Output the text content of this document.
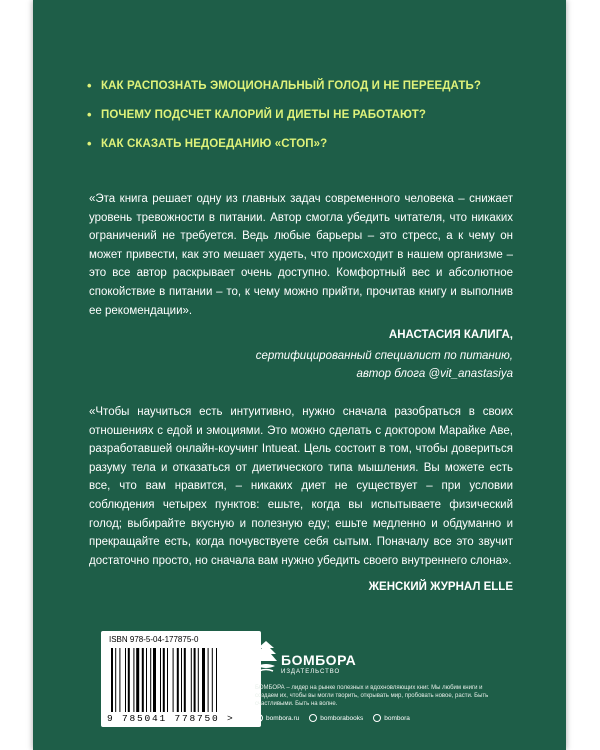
• КАК РАСПОЗНАТЬ ЭМОЦИОНАЛЬНЫЙ ГОЛОД И НЕ ПЕРЕЕДАТЬ?
• ПОЧЕМУ ПОДСЧЕТ КАЛОРИЙ И ДИЕТЫ НЕ РАБОТАЮТ?
• КАК СКАЗАТЬ НЕДОЕДАНИЮ «СТОП»?
«Эта книга решает одну из главных задач современного человека – снижает уровень тревожности в питании. Автор смогла убедить читателя, что никаких ограничений не требуется. Ведь любые барьеры – это стресс, а к чему он может привести, как это мешает худеть, что происходит в нашем организме – это все автор раскрывает очень доступно. Комфортный вес и абсолютное спокойствие в питании – то, к чему можно прийти, прочитав книгу и выполнив ее рекомендации».
АНАСТАСИЯ КАЛИГА,
сертифицированный специалист по питанию,
автор блога @vit_anastasiya
«Чтобы научиться есть интуитивно, нужно сначала разобраться в своих отношениях с едой и эмоциями. Это можно сделать с доктором Марайке Аве, разработавшей онлайн-коучинг Intueat. Цель состоит в том, чтобы довериться разуму тела и отказаться от диетического типа мышления. Вы можете есть все, что вам нравится, – никаких диет не существует – при условии соблюдения четырех пунктов: ешьте, когда вы испытываете физический голод; выбирайте вкусную и полезную еду; ешьте медленно и обдуманно и прекращайте есть, когда почувствуете себя сытым. Поначалу все это звучит достаточно просто, но сначала вам нужно убедить своего внутреннего слона».
ЖЕНСКИЙ ЖУРНАЛ ELLE
ISBN 978-5-04-177875-0
9 785041 778750 >
БОМБОРА
ИЗДАТЕЛЬСТВО
БОМБОРА – лидер на рынке полезных и вдохновляющих книг. Мы любим книги и создаем их, чтобы вы могли творить, открывать мир, пробовать новое, расти. Быть счастливыми. Быть на волне.
bombora.ru	bomborabooks	bombora
